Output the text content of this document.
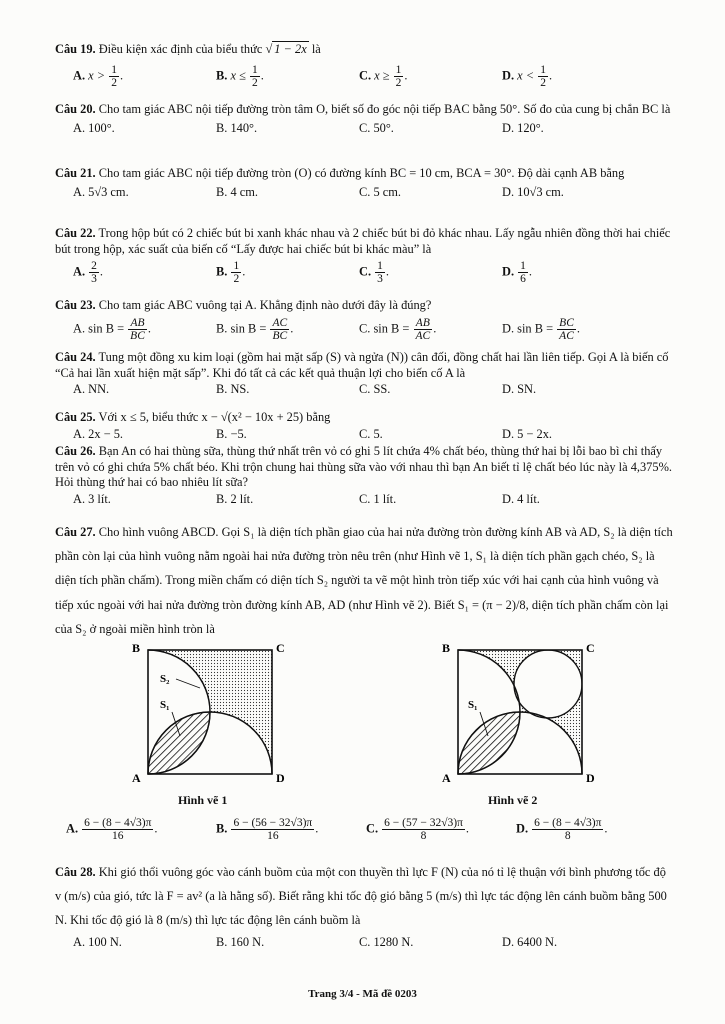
Câu 19. Điều kiện xác định của biểu thức √ 1 − 2x là

A. $x > \frac{1}{2}$ .	B. $x \le \frac{1}{2}$ .	C. $x \ge \frac{1}{2}$ .	D. $x < \frac{1}{2}$ .

Câu 20. Cho tam giác ABC nội tiếp đường tròn tâm O, biết số đo góc nội tiếp BAC bằng 50°. Số đo của cung bị chắn BC là

A. 100°.	B. 140°.	C. 50°.	D. 120°.

Câu 21. Cho tam giác ABC nội tiếp đường tròn (O) có đường kính BC = 10 cm, BCA = 30°. Độ dài cạnh AB bằng

A. 5√3 cm.	B. 4 cm.	C. 5 cm.	D. 10√3 cm.

Câu 22. Trong hộp bút có 2 chiếc bút bi xanh khác nhau và 2 chiếc bút bi đỏ khác nhau. Lấy ngẫu nhiên đồng thời hai chiếc bút trong hộp, xác suất của biến cố “Lấy được hai chiếc bút bi khác màu” là

A. $\frac{2}{3}$ .	B. $\frac{1}{2}$ .	C. $\frac{1}{3}$ .	D. $\frac{1}{6}$ .

Câu 23. Cho tam giác ABC vuông tại A. Khẳng định nào dưới đây là đúng?

A. $\sin B = \frac{AB}{BC}$ .	B. $\sin B = \frac{AC}{BC}$ .	C. $\sin B = \frac{AB}{AC}$ .	D. $\sin B = \frac{BC}{AC}$ .

Câu 24. Tung một đồng xu kim loại (gồm hai mặt sấp (S) và ngửa (N)) cân đối, đồng chất hai lần liên tiếp. Gọi A là biến cố “Cả hai lần xuất hiện mặt sấp”. Khi đó tất cả các kết quả thuận lợi cho biến cố A là

A. NN.	B. NS.	C. SS.	D. SN.

Câu 25. Với x ≤ 5, biểu thức x − √(x² − 10x + 25) bằng

A. 2x − 5.	B. −5.	C. 5.	D. 5 − 2x.

Câu 26. Bạn An có hai thùng sữa, thùng thứ nhất trên vỏ có ghi 5 lít chứa 4% chất béo, thùng thứ hai bị lỗi bao bì chỉ thấy trên vỏ có ghi chứa 5% chất béo. Khi trộn chung hai thùng sữa vào với nhau thì bạn An biết tỉ lệ chất béo lúc này là 4,375%. Hỏi thùng thứ hai có bao nhiêu lít sữa?

A. 3 lít.	B. 2 lít.	C. 1 lít.	D. 4 lít.

Câu 27. Cho hình vuông ABCD. Gọi S₁ là diện tích phần giao của hai nửa đường tròn đường kính AB và AD, S₂ là diện tích phần còn lại của hình vuông nằm ngoài hai nửa đường tròn nêu trên (như Hình vẽ 1, S₁ là diện tích phần gạch chéo, S₂ là diện tích phần chấm). Trong miền chấm có diện tích S₂ người ta vẽ một hình tròn tiếp xúc với hai cạnh của hình vuông và tiếp xúc ngoài với hai nửa đường tròn đường kính AB, AD (như Hình vẽ 2). Biết S₁ = (π − 2)/8, diện tích phần chấm còn lại của S₂ ở ngoài miền hình tròn là

B	C
A	D
S₂
S₁
Hình vẽ 1
B	C
A	D
S₁
Hình vẽ 2
A. $\frac{6 - (8 - 4√3)\pi}{16}$ .	B. $\frac{6 - (56 - 32√3)\pi}{16}$ .	C. $\frac{6 - (57 - 32√3)\pi}{8}$ .	D. $\frac{6 - (8 - 4√3)\pi}{8}$ .

Câu 28. Khi gió thổi vuông góc vào cánh buồm của một con thuyền thì lực F (N) của nó tỉ lệ thuận với bình phương tốc độ v (m/s) của gió, tức là F = av² (a là hằng số). Biết rằng khi tốc độ gió bằng 5 (m/s) thì lực tác động lên cánh buồm bằng 500 N. Khi tốc độ gió là 8 (m/s) thì lực tác động lên cánh buồm là

A. 100 N.	B. 160 N.	C. 1280 N.	D. 6400 N.
Trang 3/4 - Mã đề 0203
